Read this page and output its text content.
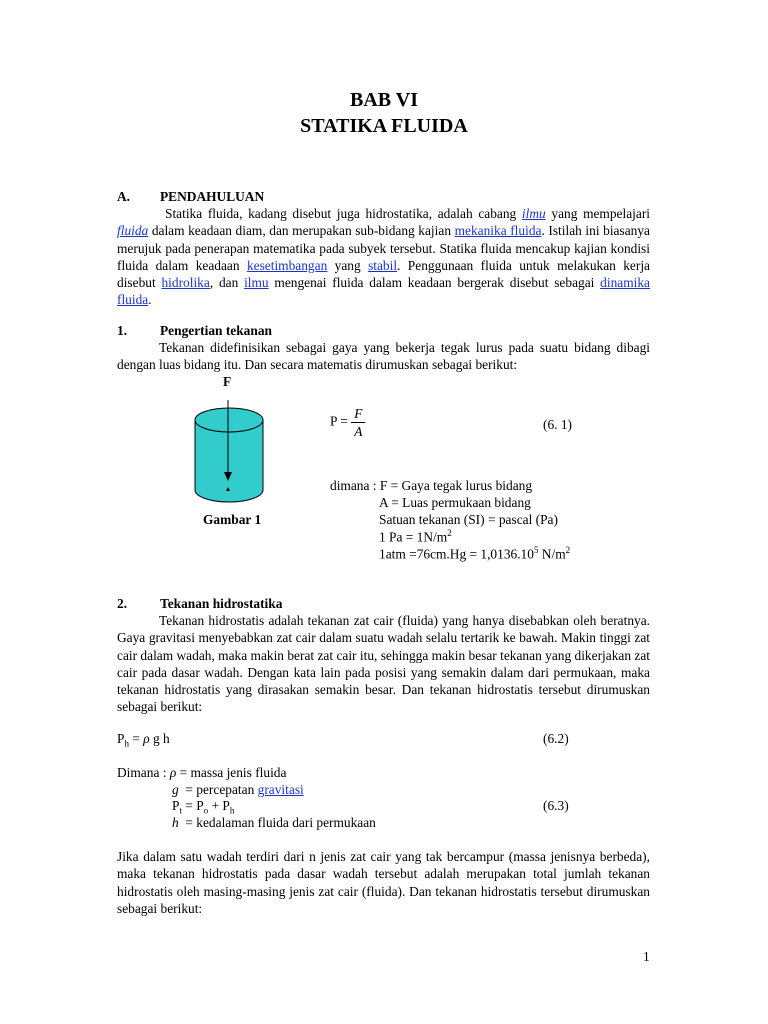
BAB VI
STATIKA FLUIDA
A. PENDAHULUAN
Statika fluida, kadang disebut juga hidrostatika, adalah cabang ilmu yang mempelajari fluida dalam keadaan diam, dan merupakan sub-bidang kajian mekanika fluida. Istilah ini biasanya merujuk pada penerapan matematika pada subyek tersebut. Statika fluida mencakup kajian kondisi fluida dalam keadaan kesetimbangan yang stabil. Penggunaan fluida untuk melakukan kerja disebut hidrolika, dan ilmu mengenai fluida dalam keadaan bergerak disebut sebagai dinamika fluida.
1. Pengertian tekanan
Tekanan didefinisikan sebagai gaya yang bekerja tegak lurus pada suatu bidang dibagi dengan luas bidang itu. Dan secara matematis dirumuskan sebagai berikut:
F
Gambar 1
$P = \frac{F}{A}$	(6. 1)
dimana : F = Gaya tegak lurus bidang
A = Luas permukaan bidang
Satuan tekanan (SI) = pascal (Pa)
1 $Pa = 1N/m^2$
$1atm =76cm.Hg = 1,0136.10^5$ $N/m^2$
2. Tekanan hidrostatika
Tekanan hidrostatis adalah tekanan zat cair (fluida) yang hanya disebabkan oleh beratnya. Gaya gravitasi menyebabkan zat cair dalam suatu wadah selalu tertarik ke bawah. Makin tinggi zat cair dalam wadah, maka makin berat zat cair itu, sehingga makin besar tekanan yang dikerjakan zat cair pada dasar wadah. Dengan kata lain pada posisi yang semakin dalam dari permukaan, maka tekanan hidrostatis yang dirasakan semakin besar. Dan tekanan hidrostatis tersebut dirumuskan sebagai berikut:
$P_h = \rho$ g h	(6.2)
Dimana : ρ = massa jenis fluida
g  = percepatan gravitasi
$P_t = P_o + P_h$	(6.3)
h  = kedalaman fluida dari permukaan
Jika dalam satu wadah terdiri dari n jenis zat cair yang tak bercampur (massa jenisnya berbeda), maka tekanan hidrostatis pada dasar wadah tersebut adalah merupakan total jumlah tekanan hidrostatis oleh masing-masing jenis zat cair (fluida). Dan tekanan hidrostatis tersebut dirumuskan sebagai berikut:
1
